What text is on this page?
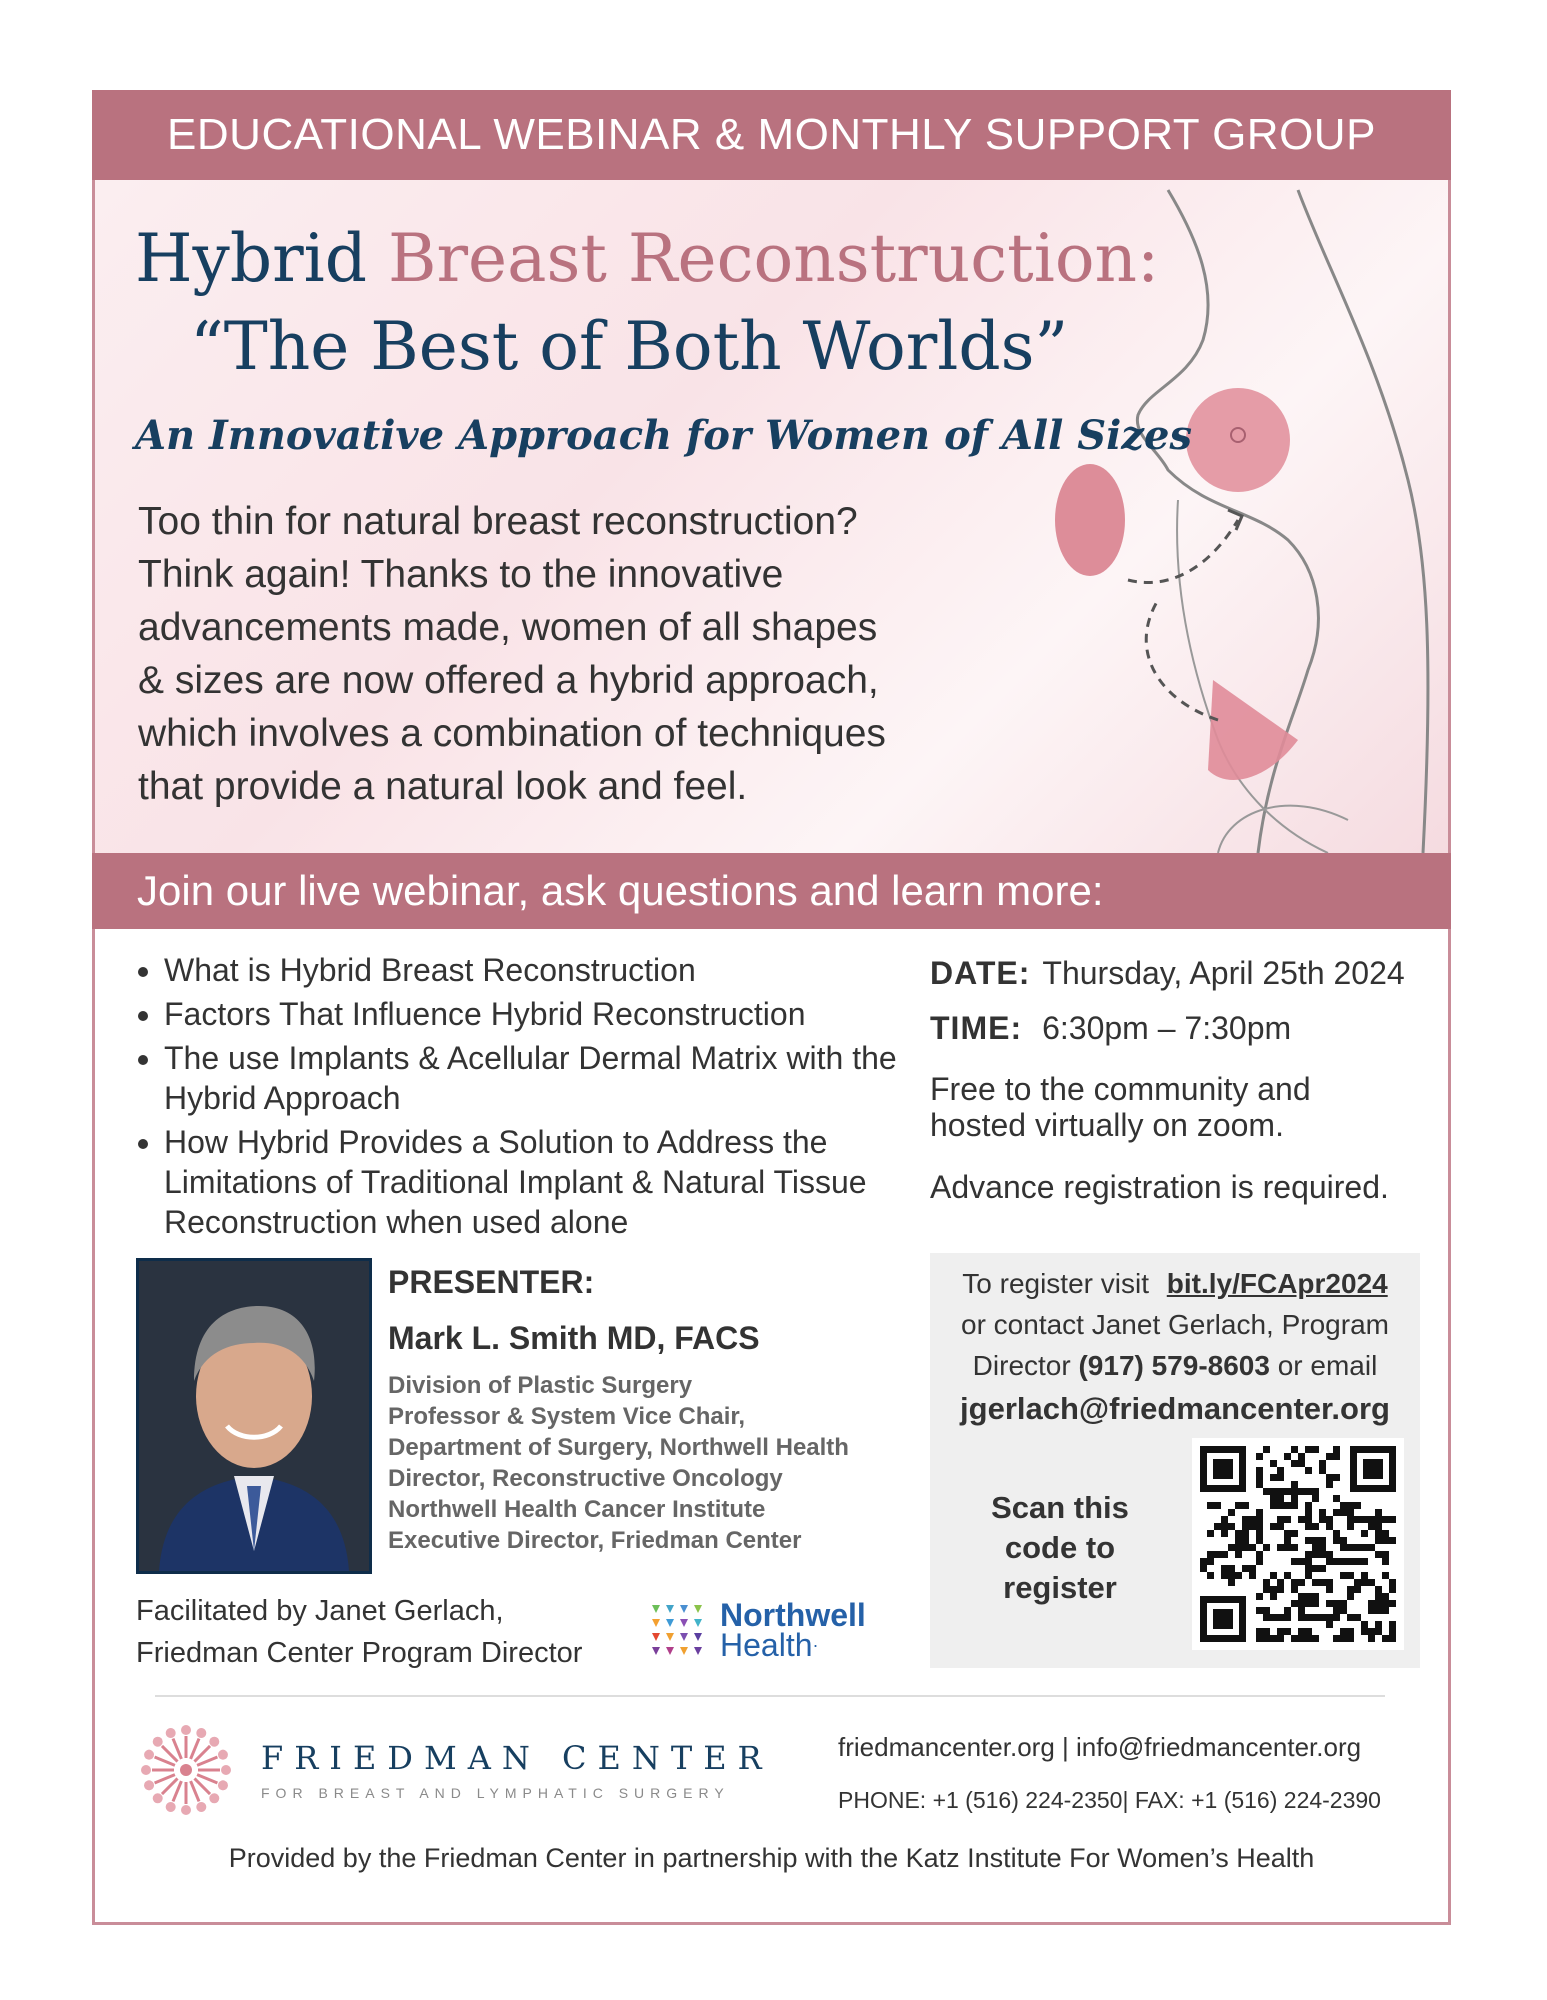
EDUCATIONAL WEBINAR & MONTHLY SUPPORT GROUP
Hybrid Breast Reconstruction:
“The Best of Both Worlds”
An Innovative Approach for Women of All Sizes
Too thin for natural breast reconstruction?
Think again! Thanks to the innovative
advancements made, women of all shapes
& sizes are now offered a hybrid approach,
which involves a combination of techniques
that provide a natural look and feel.
Join our live webinar, ask questions and learn more:
• What is Hybrid Breast Reconstruction
• Factors That Influence Hybrid Reconstruction
• The use Implants & Acellular Dermal Matrix with the Hybrid Approach
• How Hybrid Provides a Solution to Address the Limitations of Traditional Implant & Natural Tissue Reconstruction when used alone
DATE: Thursday, April 25th 2024
TIME: 6:30pm – 7:30pm
Free to the community and
hosted virtually on zoom.
Advance registration is required.
PRESENTER:
Mark L. Smith MD, FACS
Division of Plastic Surgery
Professor & System Vice Chair,
Department of Surgery, Northwell Health
Director, Reconstructive Oncology
Northwell Health Cancer Institute
Executive Director, Friedman Center
Facilitated by Janet Gerlach,
Friedman Center Program Director
Northwell
Health·
To register visit bit.ly/FCApr2024
or contact Janet Gerlach, Program
Director (917) 579-8603 or email
jgerlach@friedmancenter.org
Scan this
code to
register
FRIEDMAN CENTER
FOR BREAST AND LYMPHATIC SURGERY
friedmancenter.org | info@friedmancenter.org
PHONE: +1 (516) 224-2350| FAX: +1 (516) 224-2390
Provided by the Friedman Center in partnership with the Katz Institute For Women’s Health
